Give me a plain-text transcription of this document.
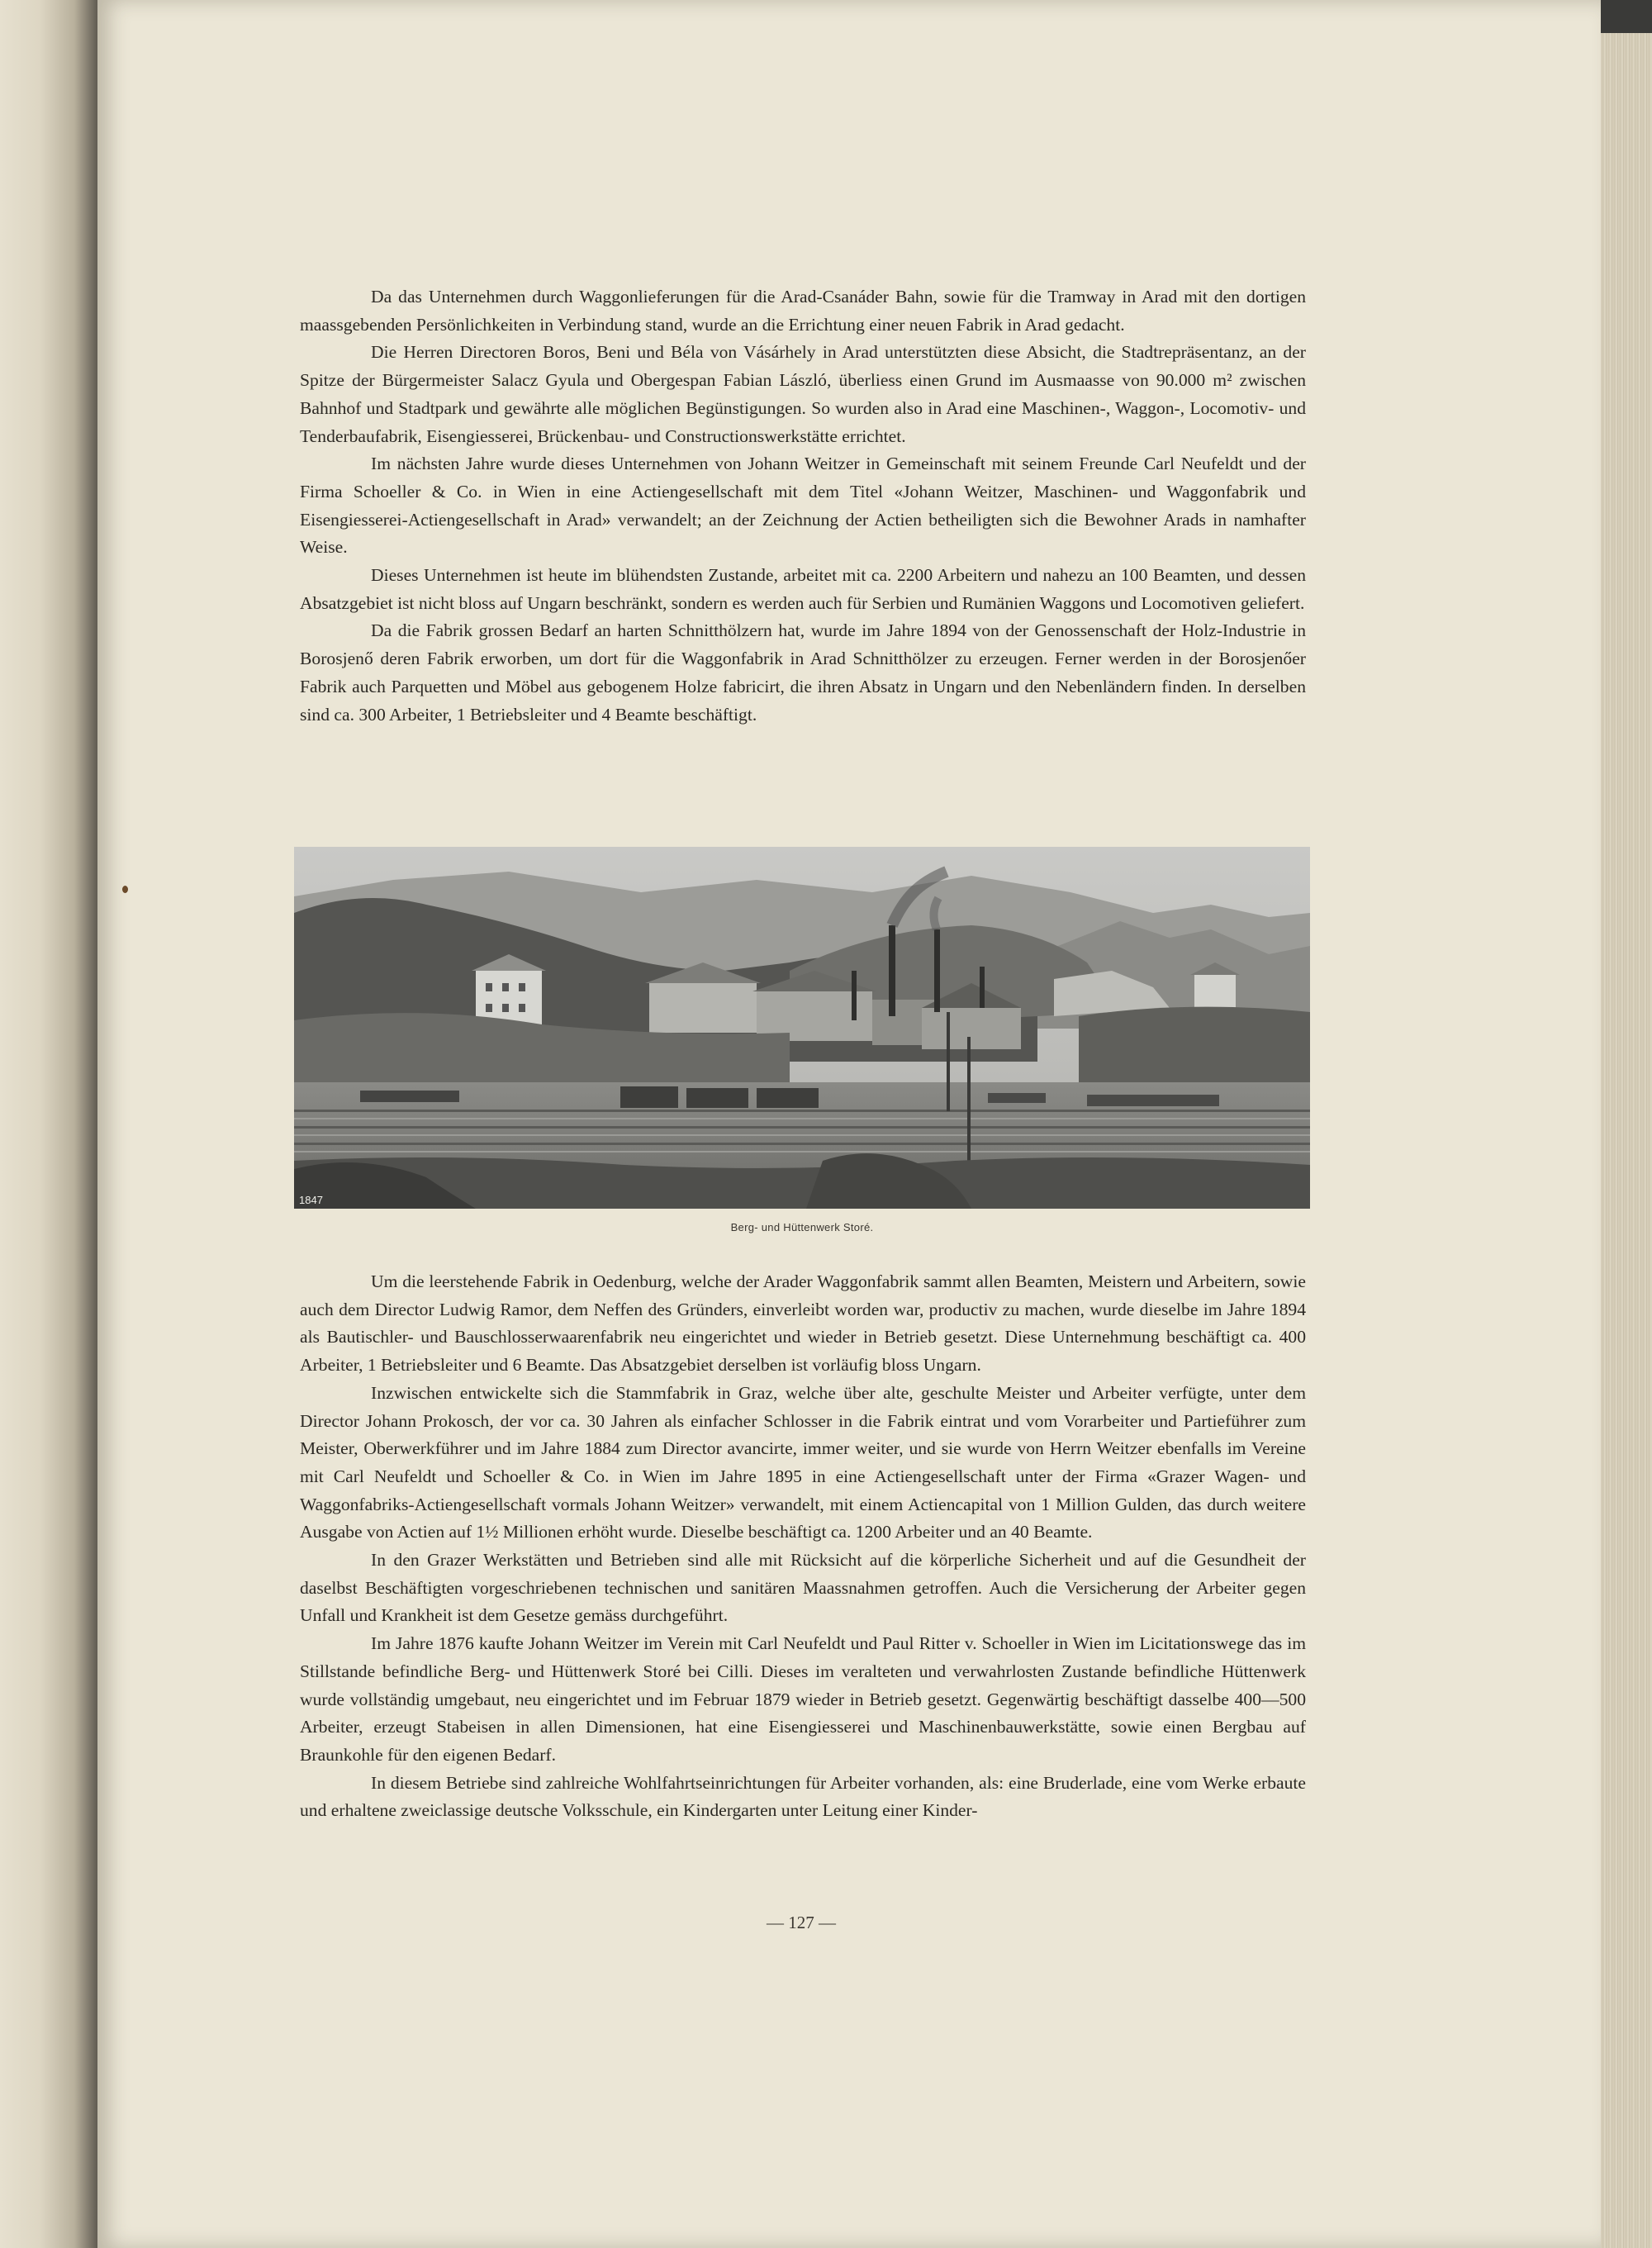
Da das Unternehmen durch Waggonlieferungen für die Arad-Csanáder Bahn, sowie für die Tramway in Arad mit den dortigen maassgebenden Persönlichkeiten in Verbindung stand, wurde an die Errichtung einer neuen Fabrik in Arad gedacht.

Die Herren Directoren Boros, Beni und Béla von Vásárhely in Arad unterstützten diese Absicht, die Stadtrepräsentanz, an der Spitze der Bürgermeister Salacz Gyula und Obergespan Fabian László, überliess einen Grund im Ausmaasse von 90.000 m² zwischen Bahnhof und Stadtpark und gewährte alle möglichen Begünstigungen. So wurden also in Arad eine Maschinen-, Waggon-, Locomotiv- und Tenderbaufabrik, Eisengiesserei, Brückenbau- und Constructionswerkstätte errichtet.

Im nächsten Jahre wurde dieses Unternehmen von Johann Weitzer in Gemeinschaft mit seinem Freunde Carl Neufeldt und der Firma Schoeller & Co. in Wien in eine Actiengesellschaft mit dem Titel «Johann Weitzer, Maschinen- und Waggonfabrik und Eisengiesserei-Actiengesellschaft in Arad» verwandelt; an der Zeichnung der Actien betheiligten sich die Bewohner Arads in namhafter Weise.

Dieses Unternehmen ist heute im blühendsten Zustande, arbeitet mit ca. 2200 Arbeitern und nahezu an 100 Beamten, und dessen Absatzgebiet ist nicht bloss auf Ungarn beschränkt, sondern es werden auch für Serbien und Rumänien Waggons und Locomotiven geliefert.

Da die Fabrik grossen Bedarf an harten Schnitthölzern hat, wurde im Jahre 1894 von der Genossenschaft der Holz-Industrie in Borosjenő deren Fabrik erworben, um dort für die Waggonfabrik in Arad Schnitthölzer zu erzeugen. Ferner werden in der Borosjenőer Fabrik auch Parquetten und Möbel aus gebogenem Holze fabricirt, die ihren Absatz in Ungarn und den Nebenländern finden. In derselben sind ca. 300 Arbeiter, 1 Betriebsleiter und 4 Beamte beschäftigt.

1847
Berg- und Hüttenwerk Storé.

Um die leerstehende Fabrik in Oedenburg, welche der Arader Waggonfabrik sammt allen Beamten, Meistern und Arbeitern, sowie auch dem Director Ludwig Ramor, dem Neffen des Gründers, einverleibt worden war, productiv zu machen, wurde dieselbe im Jahre 1894 als Bautischler- und Bauschlosserwaarenfabrik neu eingerichtet und wieder in Betrieb gesetzt. Diese Unternehmung beschäftigt ca. 400 Arbeiter, 1 Betriebsleiter und 6 Beamte. Das Absatzgebiet derselben ist vorläufig bloss Ungarn.

Inzwischen entwickelte sich die Stammfabrik in Graz, welche über alte, geschulte Meister und Arbeiter verfügte, unter dem Director Johann Prokosch, der vor ca. 30 Jahren als einfacher Schlosser in die Fabrik eintrat und vom Vorarbeiter und Partieführer zum Meister, Oberwerkführer und im Jahre 1884 zum Director avancirte, immer weiter, und sie wurde von Herrn Weitzer ebenfalls im Vereine mit Carl Neufeldt und Schoeller & Co. in Wien im Jahre 1895 in eine Actiengesellschaft unter der Firma «Grazer Wagen- und Waggonfabriks-Actiengesellschaft vormals Johann Weitzer» verwandelt, mit einem Actiencapital von 1 Million Gulden, das durch weitere Ausgabe von Actien auf 1½ Millionen erhöht wurde. Dieselbe beschäftigt ca. 1200 Arbeiter und an 40 Beamte.

In den Grazer Werkstätten und Betrieben sind alle mit Rücksicht auf die körperliche Sicherheit und auf die Gesundheit der daselbst Beschäftigten vorgeschriebenen technischen und sanitären Maassnahmen getroffen. Auch die Versicherung der Arbeiter gegen Unfall und Krankheit ist dem Gesetze gemäss durchgeführt.

Im Jahre 1876 kaufte Johann Weitzer im Verein mit Carl Neufeldt und Paul Ritter v. Schoeller in Wien im Licitationswege das im Stillstande befindliche Berg- und Hüttenwerk Storé bei Cilli. Dieses im veralteten und verwahrlosten Zustande befindliche Hüttenwerk wurde vollständig umgebaut, neu eingerichtet und im Februar 1879 wieder in Betrieb gesetzt. Gegenwärtig beschäftigt dasselbe 400—500 Arbeiter, erzeugt Stabeisen in allen Dimensionen, hat eine Eisengiesserei und Maschinenbauwerkstätte, sowie einen Bergbau auf Braunkohle für den eigenen Bedarf.

In diesem Betriebe sind zahlreiche Wohlfahrtseinrichtungen für Arbeiter vorhanden, als: eine Bruderlade, eine vom Werke erbaute und erhaltene zweiclassige deutsche Volksschule, ein Kindergarten unter Leitung einer Kinder-

— 127 —
